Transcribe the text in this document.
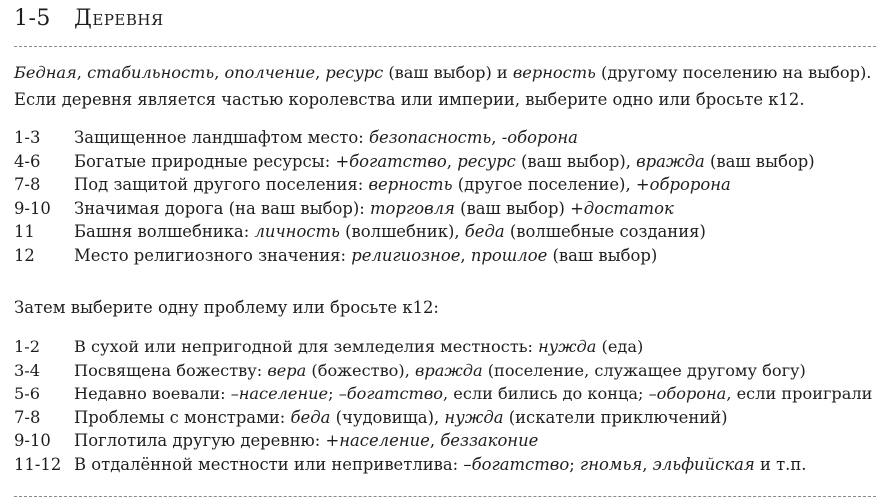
1-5	Деревня
Бедная, стабильность, ополчение, ресурс (ваш выбор) и верность (другому поселению на выбор).
Если деревня является частью королевства или империи, выберите одно или бросьте к12.
1-3	Защищенное ландшафтом место: безопасность, -оборона
4-6	Богатые природные ресурсы: +богатство, ресурс (ваш выбор), вражда (ваш выбор)
7-8	Под защитой другого поселения: верность (другое поселение), +обророна
9-10	Значимая дорога (на ваш выбор): торговля (ваш выбор) +достаток
11	Башня волшебника: личность (волшебник), беда (волшебные создания)
12	Место религиозного значения: религиозное, прошлое (ваш выбор)
Затем выберите одну проблему или бросьте к12:
1-2	В сухой или непригодной для земледелия местность: нужда (еда)
3-4	Посвящена божеству: вера (божество), вражда (поселение, служащее другому богу)
5-6	Недавно воевали: –население; –богатство, если бились до конца; –оборона, если проиграли
7-8	Проблемы с монстрами: беда (чудовища), нужда (искатели приключений)
9-10	Поглотила другую деревню: +население, беззаконие
11-12 В отдалённой местности или неприветлива: –богатство; гномья, эльфийская и т.п.
